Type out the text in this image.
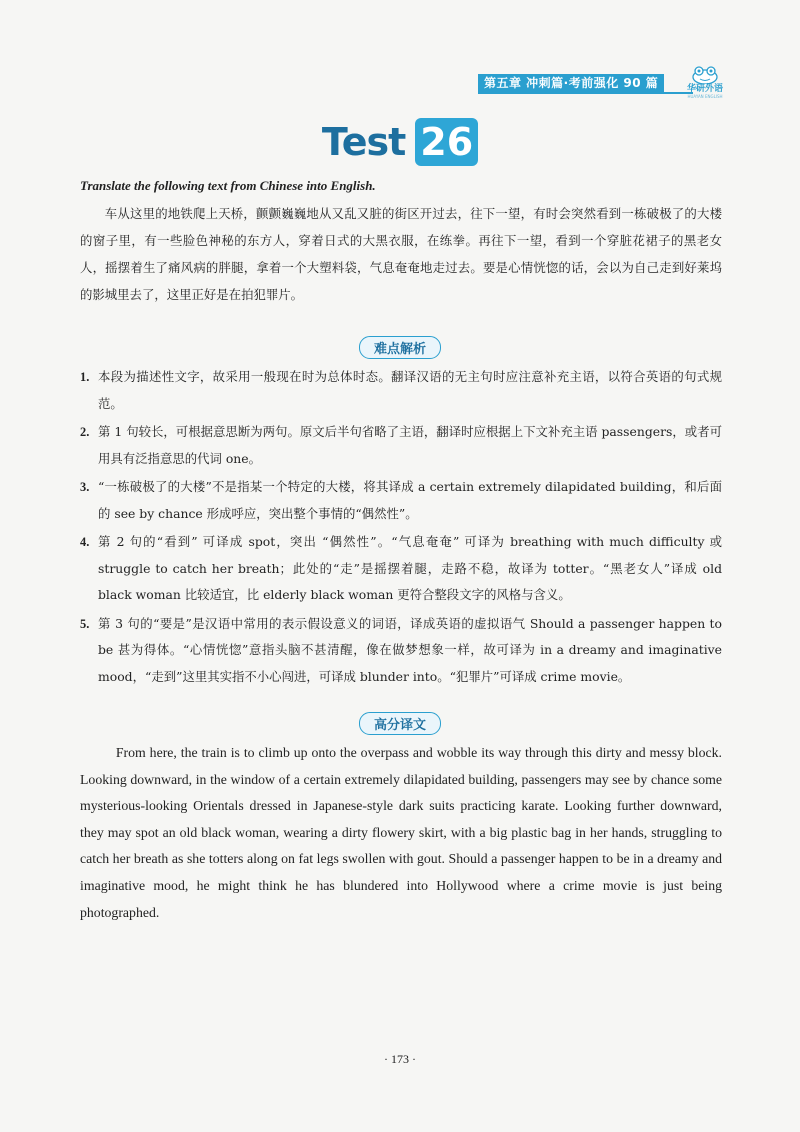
第五章 冲刺篇·考前强化 90 篇	华研外语
HUAYAN ENGLISH
Test 26
Translate the following text from Chinese into English.

车从这里的地铁爬上天桥，颤颤巍巍地从又乱又脏的街区开过去，往下一望，有时会突然看到一栋破极了的大楼的窗子里，有一些脸色神秘的东方人，穿着日式的大黑衣服，在练拳。再往下一望，看到一个穿脏花裙子的黑老女人，摇摆着生了痛风病的胖腿，拿着一个大塑料袋，气息奄奄地走过去。要是心情恍惚的话，会以为自己走到好莱坞的影城里去了，这里正好是在拍犯罪片。

难点解析
1. 本段为描述性文字，故采用一般现在时为总体时态。翻译汉语的无主句时应注意补充主语，以符合英语的句式规范。
2. 第 1 句较长，可根据意思断为两句。原文后半句省略了主语，翻译时应根据上下文补充主语 passengers，或者可用具有泛指意思的代词 one。
3. “一栋破极了的大楼”不是指某一个特定的大楼，将其译成 a certain extremely dilapidated building，和后面的 see by chance 形成呼应，突出整个事情的“偶然性”。
4. 第 2 句的“看到” 可译成 spot，突出 “偶然性”。“气息奄奄” 可译为 breathing with much difficulty 或 struggle to catch her breath；此处的“走”是摇摆着腿，走路不稳，故译为 totter。“黑老女人”译成 old black woman 比较适宜，比 elderly black woman 更符合整段文字的风格与含义。
5. 第 3 句的“要是”是汉语中常用的表示假设意义的词语，译成英语的虚拟语气 Should a passenger happen to be 甚为得体。“心情恍惚”意指头脑不甚清醒，像在做梦想象一样，故可译为 in a dreamy and imaginative mood，“走到”这里其实指不小心闯进，可译成 blunder into。“犯罪片”可译成 crime movie。
高分译文

From here, the train is to climb up onto the overpass and wobble its way through this dirty and messy block. Looking downward, in the window of a certain extremely dilapidated building, passengers may see by chance some mysterious-looking Orientals dressed in Japanese-style dark suits practicing karate. Looking further downward, they may spot an old black woman, wearing a dirty flowery skirt, with a big plastic bag in her hands, struggling to catch her breath as she totters along on fat legs swollen with gout. Should a passenger happen to be in a dreamy and imaginative mood, he might think he has blundered into Hollywood where a crime movie is just being photographed.

· 173 ·
